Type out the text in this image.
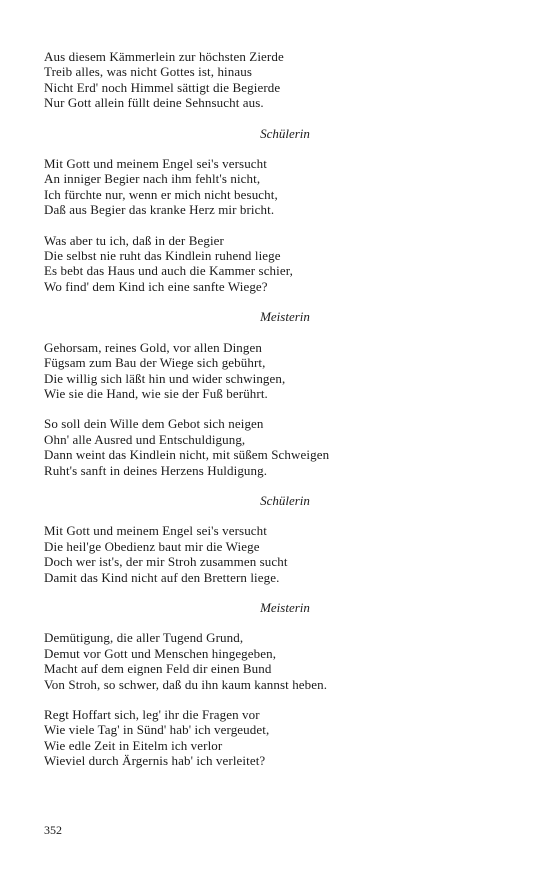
Aus diesem Kämmerlein zur höchsten Zierde
Treib alles, was nicht Gottes ist, hinaus
Nicht Erd' noch Himmel sättigt die Begierde
Nur Gott allein füllt deine Sehnsucht aus.
Schülerin
Mit Gott und meinem Engel sei's versucht
An inniger Begier nach ihm fehlt's nicht,
Ich fürchte nur, wenn er mich nicht besucht,
Daß aus Begier das kranke Herz mir bricht.
Was aber tu ich, daß in der Begier
Die selbst nie ruht das Kindlein ruhend liege
Es bebt das Haus und auch die Kammer schier,
Wo find' dem Kind ich eine sanfte Wiege?
Meisterin
Gehorsam, reines Gold, vor allen Dingen
Fügsam zum Bau der Wiege sich gebührt,
Die willig sich läßt hin und wider schwingen,
Wie sie die Hand, wie sie der Fuß berührt.
So soll dein Wille dem Gebot sich neigen
Ohn' alle Ausred und Entschuldigung,
Dann weint das Kindlein nicht, mit süßem Schweigen
Ruht's sanft in deines Herzens Huldigung.
Schülerin
Mit Gott und meinem Engel sei's versucht
Die heil'ge Obedienz baut mir die Wiege
Doch wer ist's, der mir Stroh zusammen sucht
Damit das Kind nicht auf den Brettern liege.
Meisterin
Demütigung, die aller Tugend Grund,
Demut vor Gott und Menschen hingegeben,
Macht auf dem eignen Feld dir einen Bund
Von Stroh, so schwer, daß du ihn kaum kannst heben.
Regt Hoffart sich, leg' ihr die Fragen vor
Wie viele Tag' in Sünd' hab' ich vergeudet,
Wie edle Zeit in Eitelm ich verlor
Wieviel durch Ärgernis hab' ich verleitet?
352
